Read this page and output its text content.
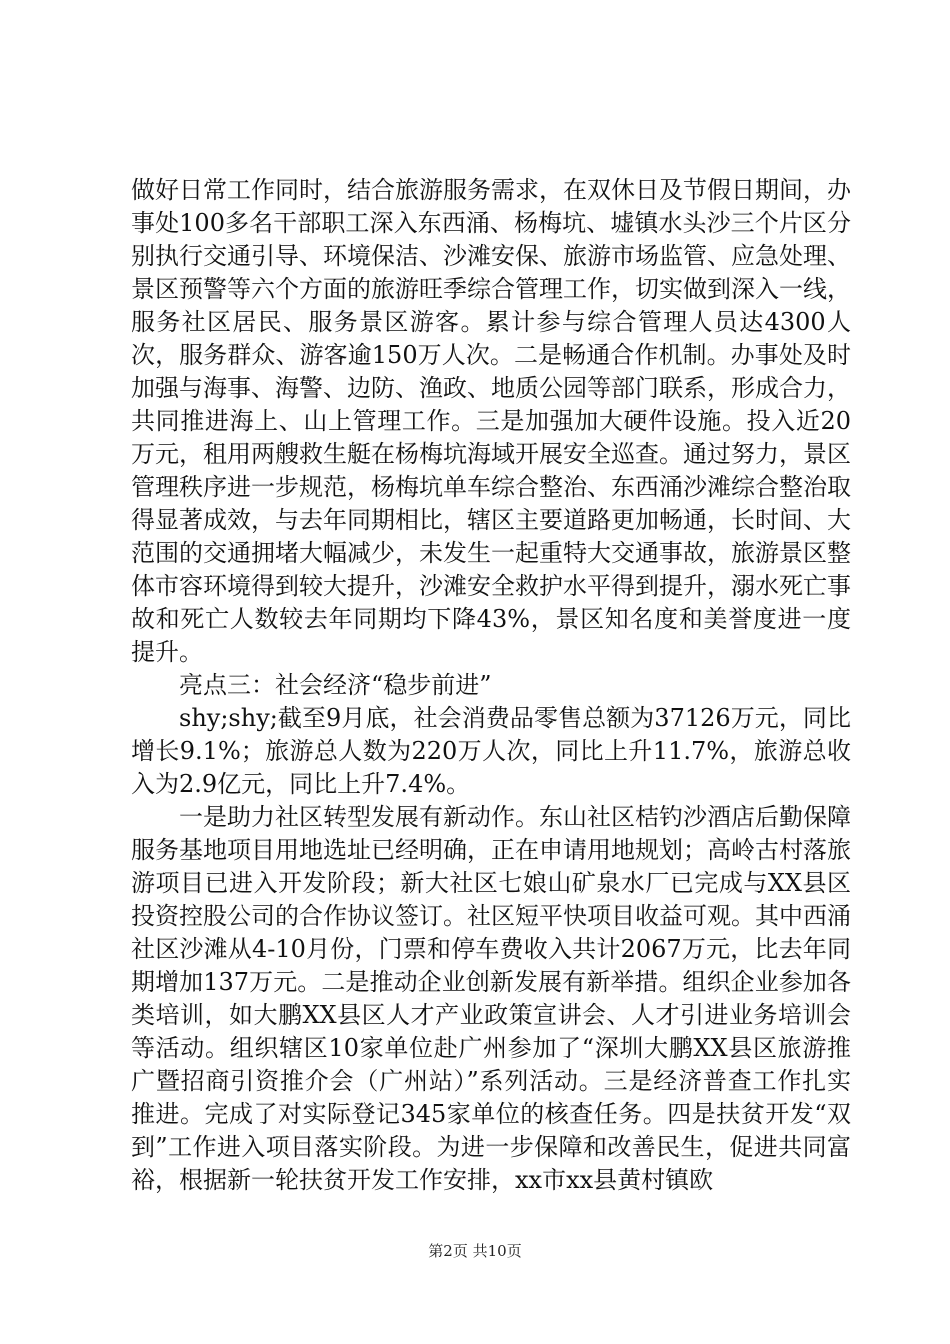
做好日常工作同时，结合旅游服务需求，在双休日及节假日期间，办事处100多名干部职工深入东西涌、杨梅坑、墟镇水头沙三个片区分别执行交通引导、环境保洁、沙滩安保、旅游市场监管、应急处理、景区预警等六个方面的旅游旺季综合管理工作，切实做到深入一线，服务社区居民、服务景区游客。累计参与综合管理人员达4300人次，服务群众、游客逾150万人次。二是畅通合作机制。办事处及时加强与海事、海警、边防、渔政、地质公园等部门联系，形成合力，共同推进海上、山上管理工作。三是加强加大硬件设施。投入近20万元，租用两艘救生艇在杨梅坑海域开展安全巡查。通过努力，景区管理秩序进一步规范，杨梅坑单车综合整治、东西涌沙滩综合整治取得显著成效，与去年同期相比，辖区主要道路更加畅通，长时间、大范围的交通拥堵大幅减少，未发生一起重特大交通事故，旅游景区整体市容环境得到较大提升，沙滩安全救护水平得到提升，溺水死亡事故和死亡人数较去年同期均下降43%，景区知名度和美誉度进一度提升。

亮点三：社会经济“稳步前进”

shy;shy;截至9月底，社会消费品零售总额为37126万元，同比增长9.1%；旅游总人数为220万人次，同比上升11.7%，旅游总收入为2.9亿元，同比上升7.4%。

一是助力社区转型发展有新动作。东山社区桔钓沙酒店后勤保障服务基地项目用地选址已经明确，正在申请用地规划；高岭古村落旅游项目已进入开发阶段；新大社区七娘山矿泉水厂已完成与XX县区投资控股公司的合作协议签订。社区短平快项目收益可观。其中西涌社区沙滩从4-10月份，门票和停车费收入共计2067万元，比去年同期增加137万元。二是推动企业创新发展有新举措。组织企业参加各类培训，如大鹏XX县区人才产业政策宣讲会、人才引进业务培训会等活动。组织辖区10家单位赴广州参加了“深圳大鹏XX县区旅游推广暨招商引资推介会（广州站）”系列活动。三是经济普查工作扎实推进。完成了对实际登记345家单位的核查任务。四是扶贫开发“双到”工作进入项目落实阶段。为进一步保障和改善民生，促进共同富裕，根据新一轮扶贫开发工作安排，xx市xx县黄村镇欧

第2页 共10页
